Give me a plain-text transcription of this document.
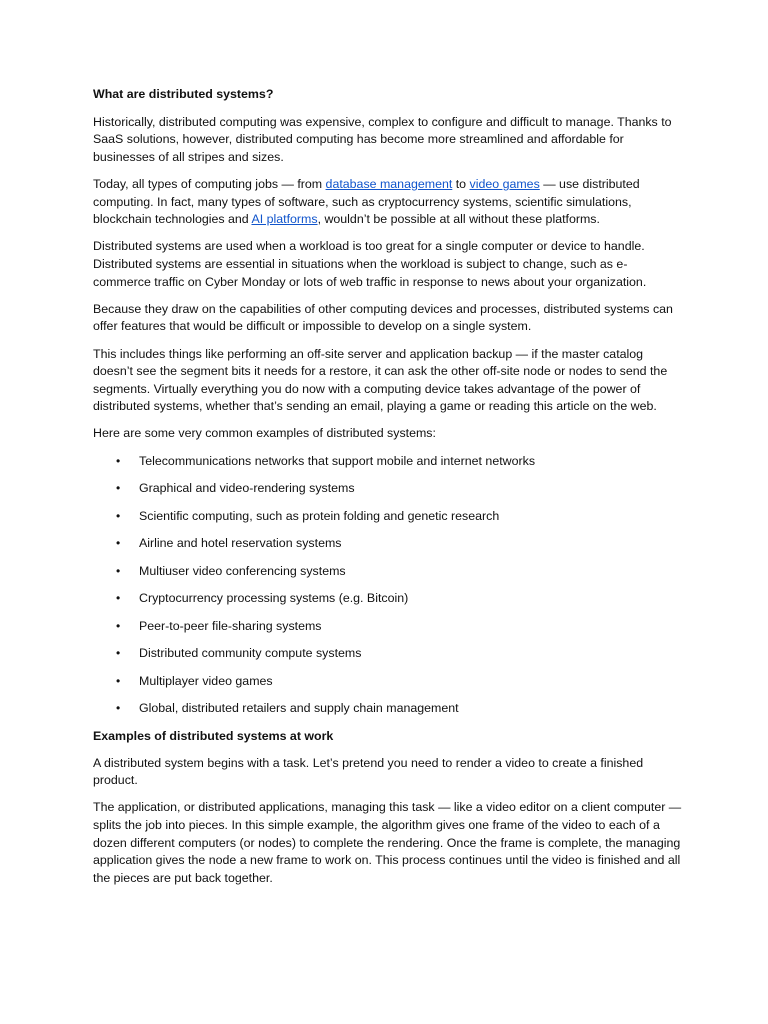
What are distributed systems?

Historically, distributed computing was expensive, complex to configure and difficult to manage. Thanks to SaaS solutions, however, distributed computing has become more streamlined and affordable for businesses of all stripes and sizes.

Today, all types of computing jobs — from database management to video games — use distributed computing. In fact, many types of software, such as cryptocurrency systems, scientific simulations, blockchain technologies and AI platforms, wouldn’t be possible at all without these platforms.

Distributed systems are used when a workload is too great for a single computer or device to handle. Distributed systems are essential in situations when the workload is subject to change, such as e-commerce traffic on Cyber Monday or lots of web traffic in response to news about your organization.

Because they draw on the capabilities of other computing devices and processes, distributed systems can offer features that would be difficult or impossible to develop on a single system.

This includes things like performing an off-site server and application backup — if the master catalog doesn’t see the segment bits it needs for a restore, it can ask the other off-site node or nodes to send the segments. Virtually everything you do now with a computing device takes advantage of the power of distributed systems, whether that’s sending an email, playing a game or reading this article on the web.

Here are some very common examples of distributed systems:

• Telecommunications networks that support mobile and internet networks
• Graphical and video-rendering systems
• Scientific computing, such as protein folding and genetic research
• Airline and hotel reservation systems
• Multiuser video conferencing systems
• Cryptocurrency processing systems (e.g. Bitcoin)
• Peer-to-peer file-sharing systems
• Distributed community compute systems
• Multiplayer video games
• Global, distributed retailers and supply chain management
Examples of distributed systems at work

A distributed system begins with a task. Let’s pretend you need to render a video to create a finished product.

The application, or distributed applications, managing this task — like a video editor on a client computer — splits the job into pieces. In this simple example, the algorithm gives one frame of the video to each of a dozen different computers (or nodes) to complete the rendering. Once the frame is complete, the managing application gives the node a new frame to work on. This process continues until the video is finished and all the pieces are put back together.
